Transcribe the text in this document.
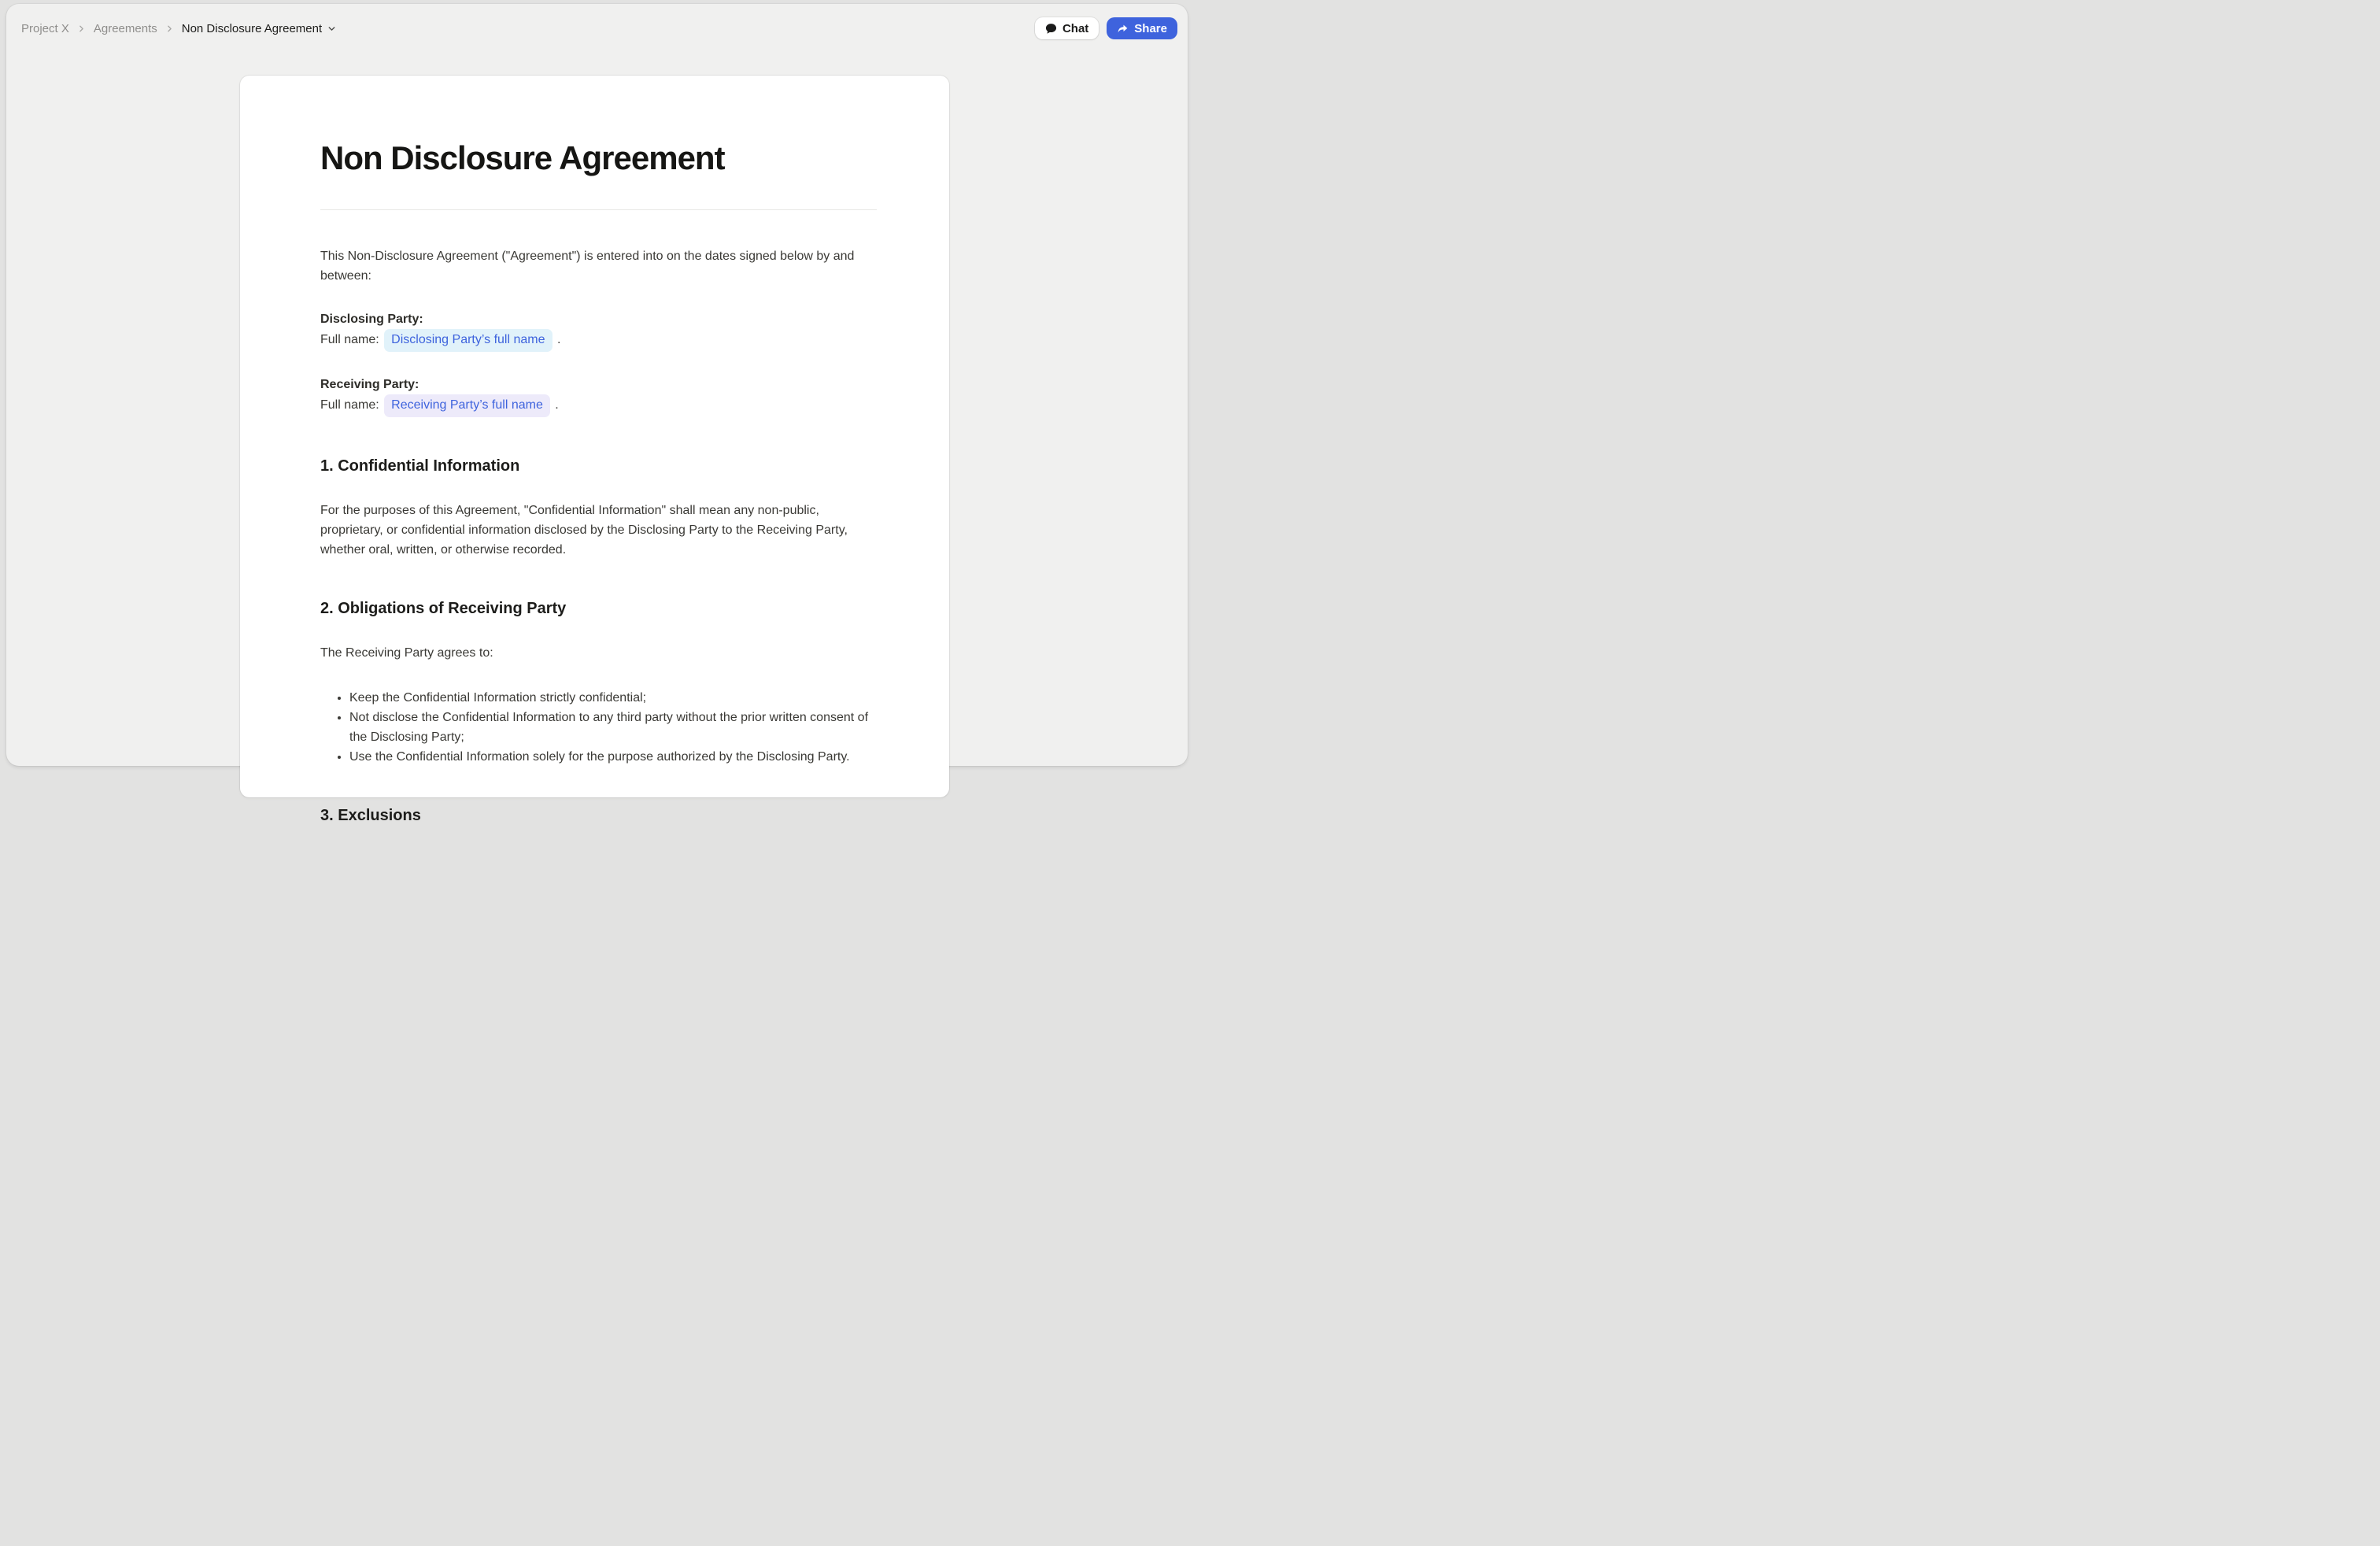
Project X Agreements Non Disclosure Agreement	Chat	Share
Non Disclosure Agreement

This Non-Disclosure Agreement ("Agreement") is entered into on the dates signed below by and between:

Disclosing Party:
Full name: Disclosing Party’s full name .

Receiving Party:
Full name: Receiving Party’s full name .

1. Confidential Information

For the purposes of this Agreement, "Confidential Information" shall mean any non-public, proprietary, or confidential information disclosed by the Disclosing Party to the Receiving Party, whether oral, written, or otherwise recorded.

2. Obligations of Receiving Party

The Receiving Party agrees to:

• Keep the Confidential Information strictly confidential;
• Not disclose the Confidential Information to any third party without the prior written consent of the Disclosing Party;
• Use the Confidential Information solely for the purpose authorized by the Disclosing Party.
3. Exclusions
